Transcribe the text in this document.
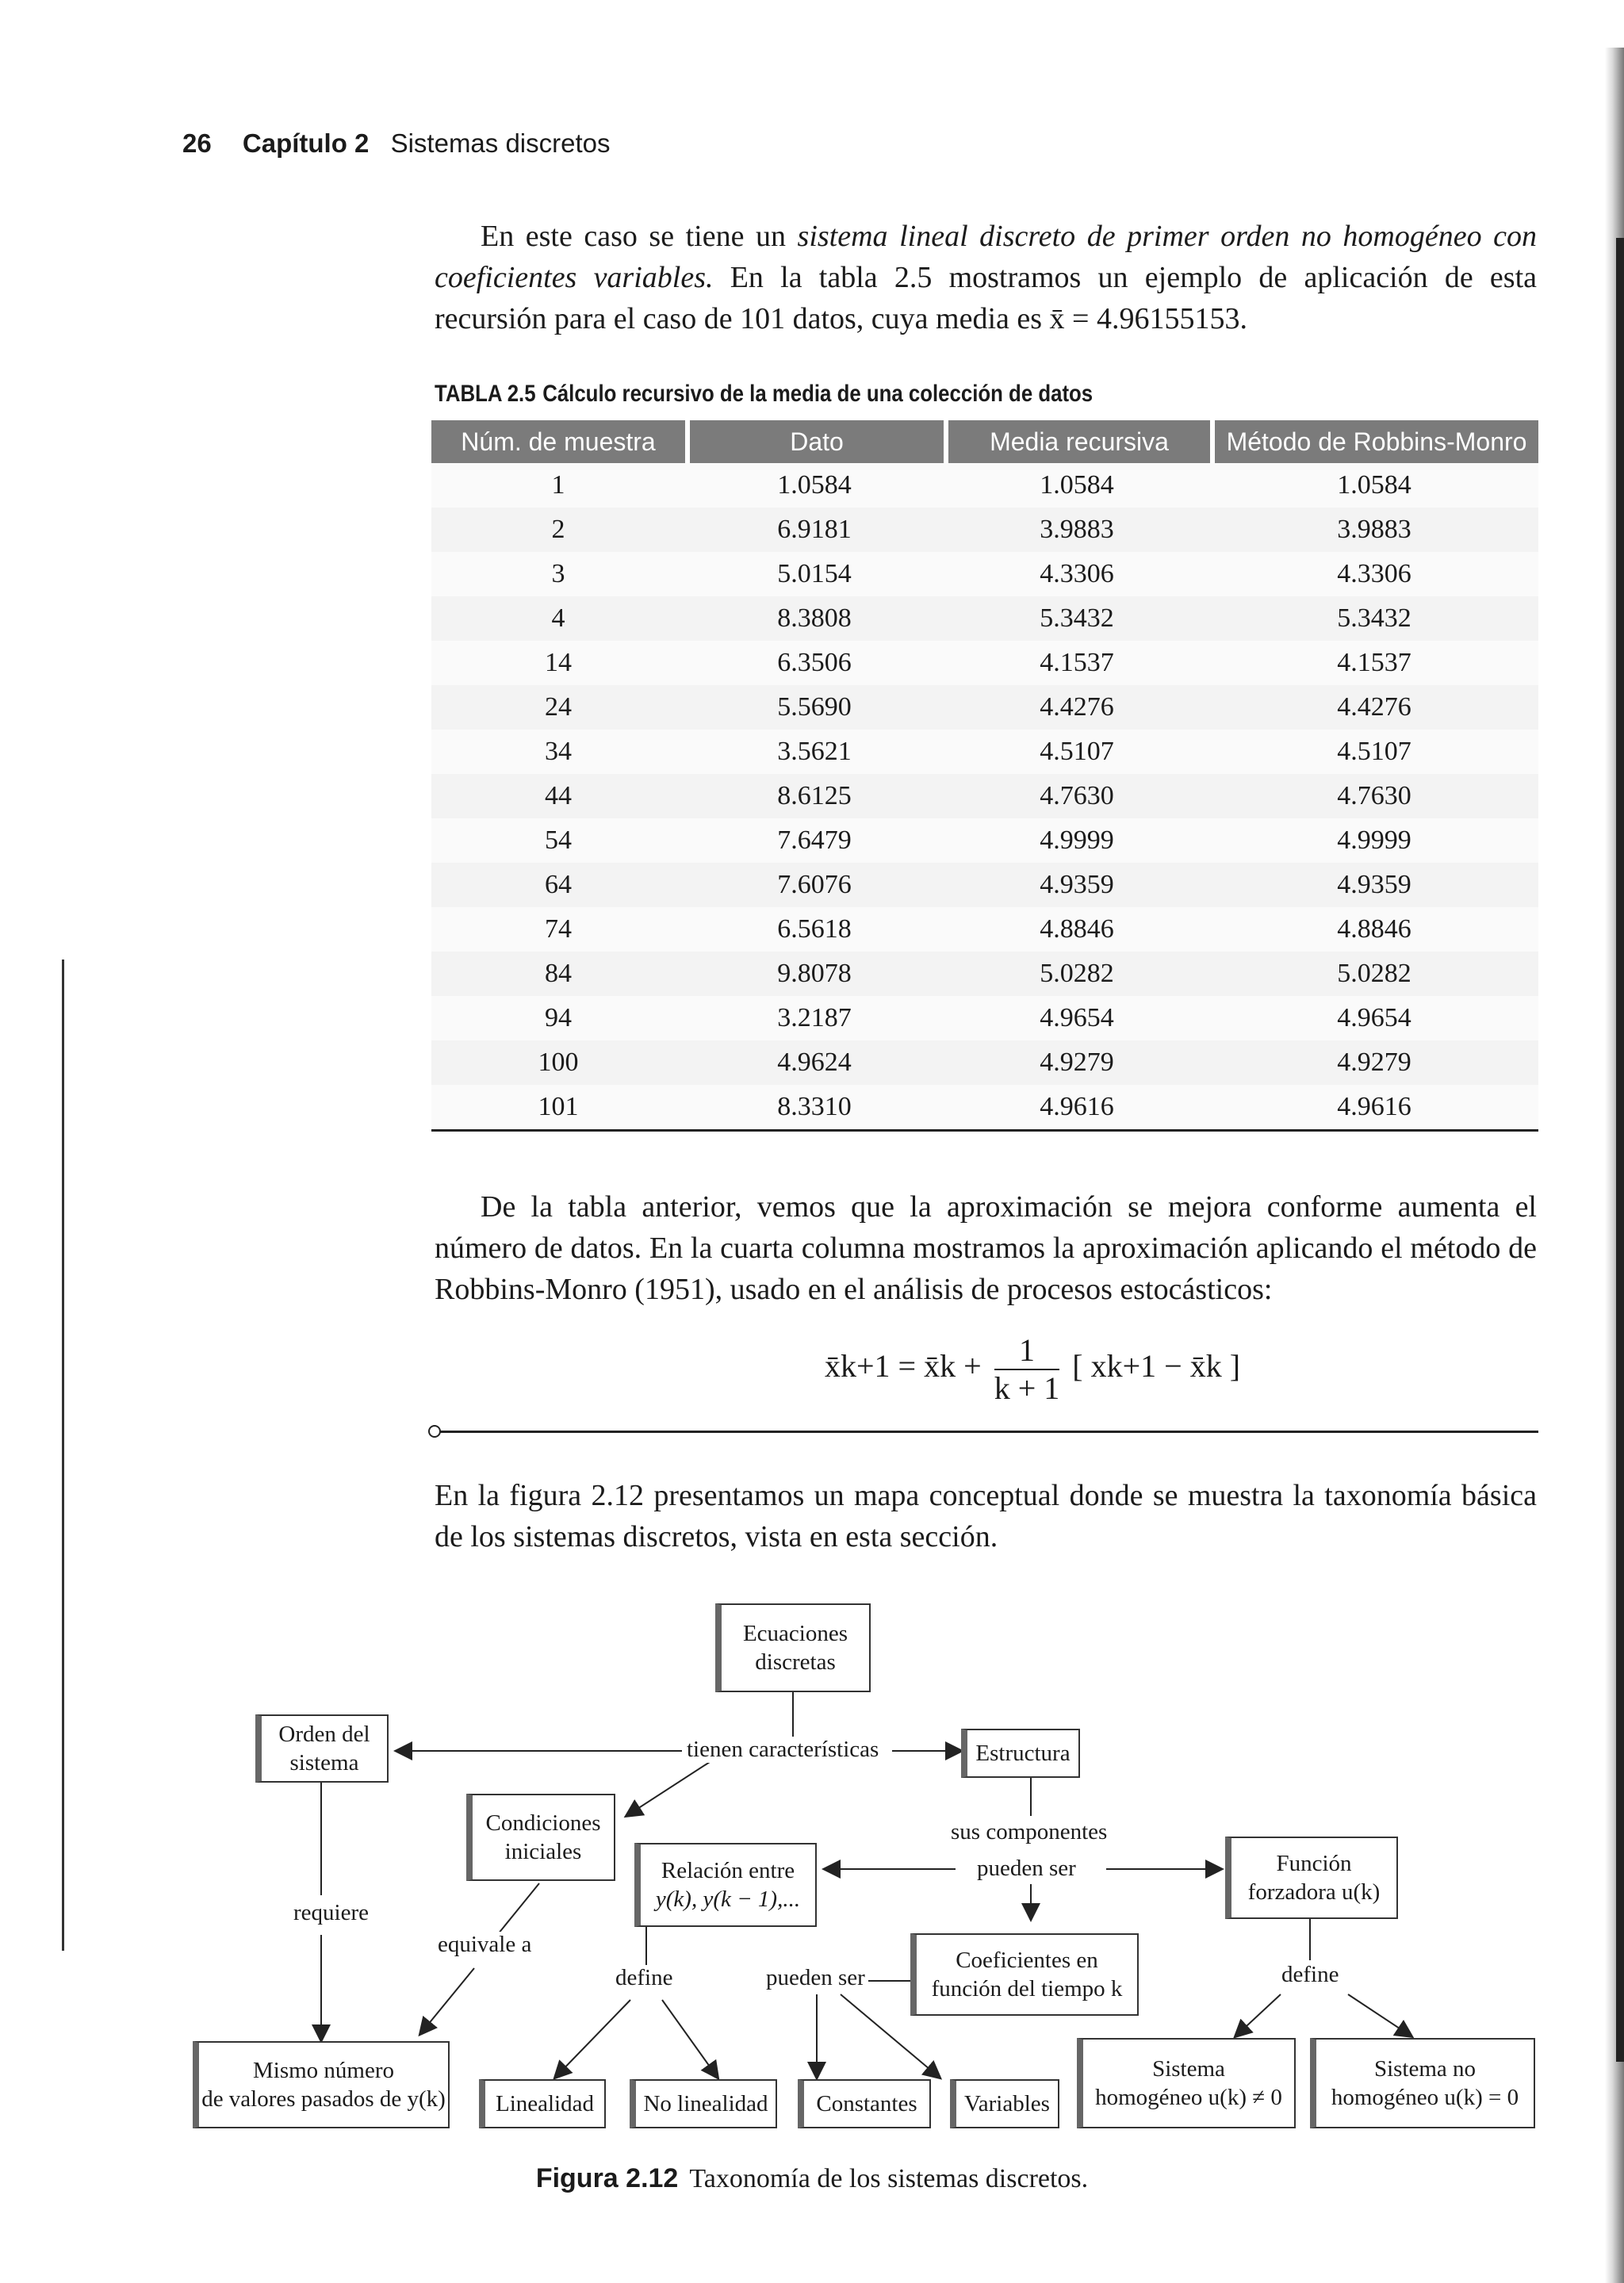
26 Capítulo 2 Sistemas discretos

En este caso se tiene un sistema lineal discreto de primer orden no homogéneo con coeficientes variables. En la tabla 2.5 mostramos un ejemplo de aplicación de esta recursión para el caso de 101 datos, cuya media es x̄ = 4.96155153.

TABLA 2.5 Cálculo recursivo de la media de una colección de datos
Núm. de muestra	Dato	Media recursiva	Método de Robbins-Monro
1	1.0584	1.0584	1.0584
2	6.9181	3.9883	3.9883
3	5.0154	4.3306	4.3306
4	8.3808	5.3432	5.3432
14	6.3506	4.1537	4.1537
24	5.5690	4.4276	4.4276
34	3.5621	4.5107	4.5107
44	8.6125	4.7630	4.7630
54	7.6479	4.9999	4.9999
64	7.6076	4.9359	4.9359
74	6.5618	4.8846	4.8846
84	9.8078	5.0282	5.0282
94	3.2187	4.9654	4.9654
100	4.9624	4.9279	4.9279
101	8.3310	4.9616	4.9616

De la tabla anterior, vemos que la aproximación se mejora conforme aumenta el número de datos. En la cuarta columna mostramos la aproximación aplicando el método de Robbins-Monro (1951), usado en el análisis de procesos estocásticos:

x̄k+1 = x̄k + $\frac{1}{k + 1}$ [ xk+1 − x̄k ]

En la figura 2.12 presentamos un mapa conceptual donde se muestra la taxonomía básica de los sistemas discretos, vista en esta sección.

Ecuaciones discretas
Orden del sistema	Estructura
Condiciones iniciales
Relación entre
y(k), y(k − 1),...
Función
forzadora u(k)
Coeficientes en
función del tiempo k
Mismo número
de valores pasados de y(k) Linealidad No linealidad Constantes Variables
Sistema
homogéneo u(k) ≠ 0
Sistema no
homogéneo u(k) = 0
tienen características
sus componentes
pueden ser
requiere
equivale a
define	pueden ser	define
Figura 2.12 Taxonomía de los sistemas discretos.
